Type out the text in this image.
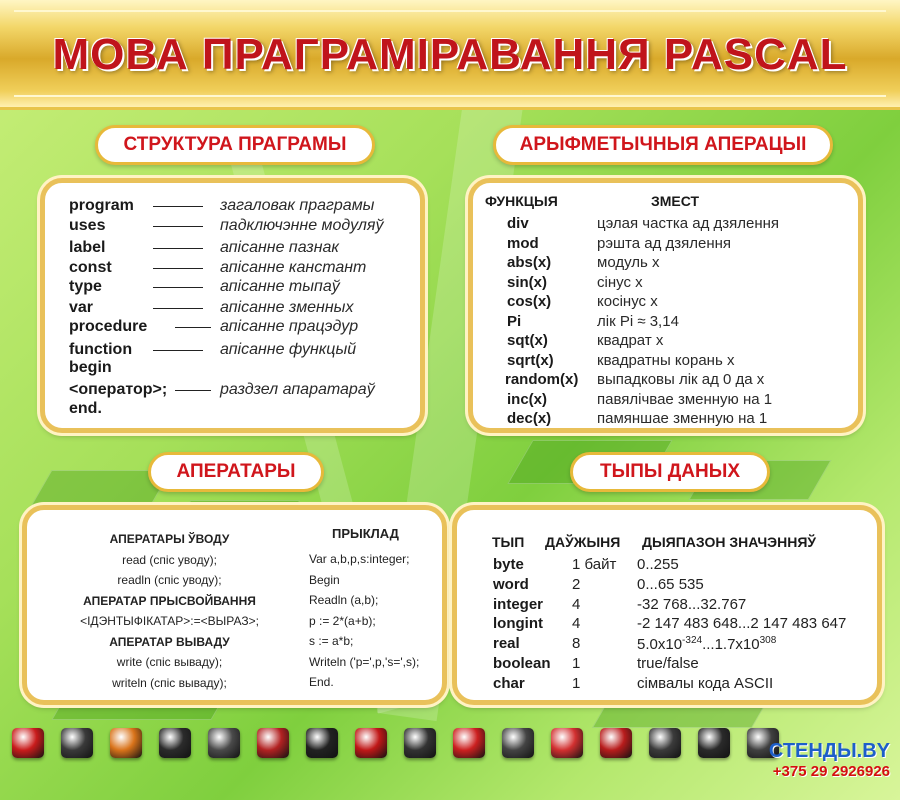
МОВА ПРАГРАМІРАВАННЯ PASCAL
СТРУКТУРА ПРАГРАМЫ
program	загаловак праграмы
uses	падключэнне модуляў
label	апісанне пазнак
const	апісанне канстант
type	апісанне тыпаў
var	апісанне зменных
procedure	апісанне працэдур
function	апісанне функцый
begin
<оператор>;	раздзел апаратараў
end.
АРЫФМЕТЫЧНЫЯ АПЕРАЦЫІ
ФУНКЦЫЯ	ЗМЕСТ
div	цэлая частка ад дзялення
mod	рэшта ад дзялення
abs(x)	модуль х
sin(x)	сінус х
cos(x)	косінус х
Pi	лік Pi ≈ 3,14
sqt(x)	квадрат х
sqrt(x)	квадратны корань х
random(x) выпадковы лік ад 0 да х
inc(x)	павялічвае зменную на 1
dec(x)	памяншае зменную на 1
АПЕРАТАРЫ
АПЕРАТАРЫ ЎВОДУ
read (спіс уводу);
readln (спіс уводу);
АПЕРАТАР ПРЫСВОЙВАННЯ
<ІДЭНТЫФІКАТАР>:=<ВЫРАЗ>;
АПЕРАТАР ВЫВАДУ
write (спіс вываду);
writeln (спіс вываду);
ПРЫКЛАД
Var a,b,p,s:integer;
Begin
Readln (a,b);
p := 2*(a+b);
s := a*b;
Writeln ('p=',p,'s=',s);
End.
ТЫПЫ ДАНЫХ
ТЫП ДАЎЖЫНЯ ДЫЯПАЗОН ЗНАЧЭННЯЎ
byte	1 байт 0..255
word	2	0...65 535
integer 4	-32 768...32.767
longint 4	-2 147 483 648...2 147 483 647
real	8	$5.0x10^{-324}...1.7x10^{308}$
boolean 1	true/false
char	1	сімвалы кода ASCII
СТЕНДЫ.BY
+375 29 2926926
